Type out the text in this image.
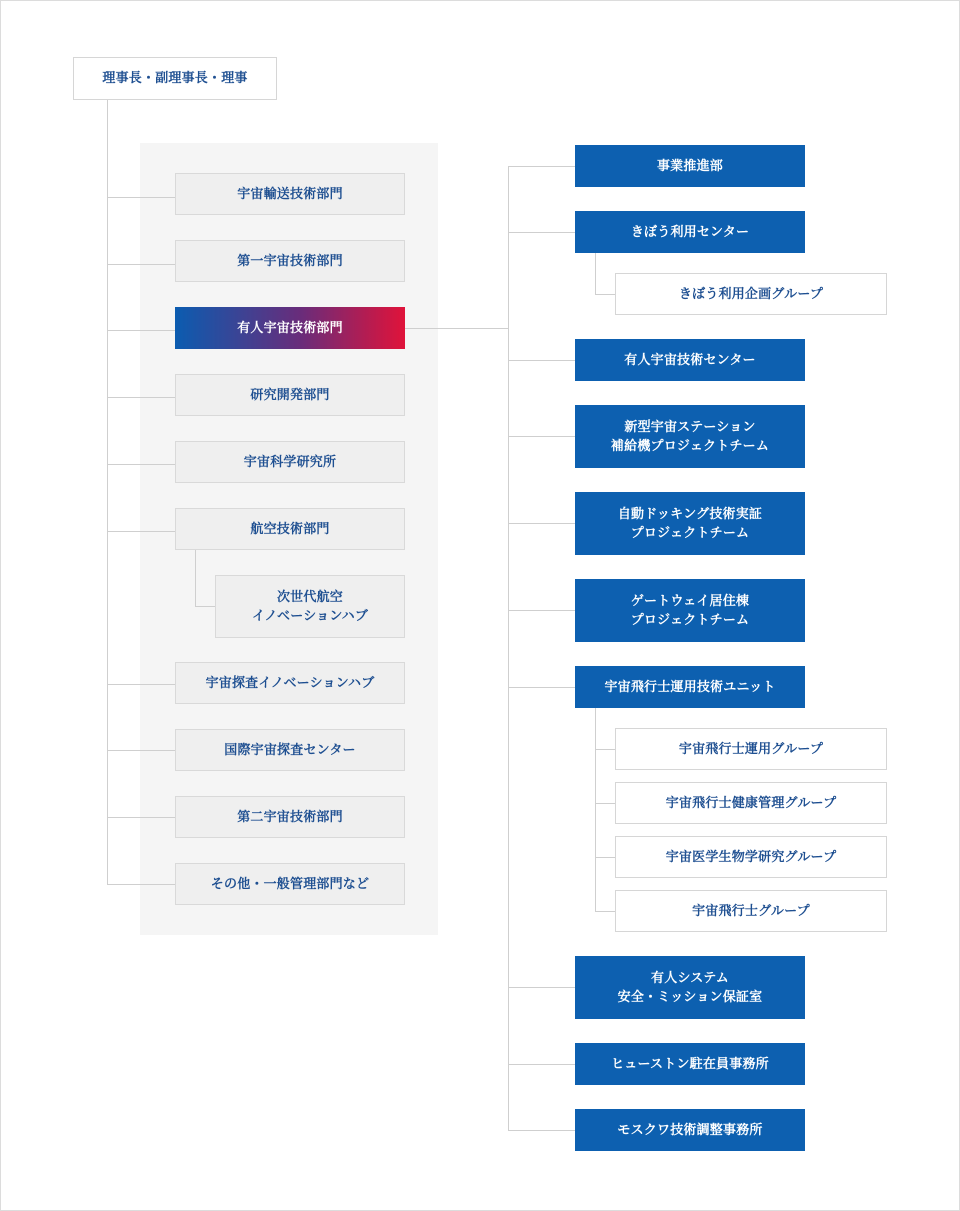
理事長・副理事長・理事
宇宙輸送技術部門
第一宇宙技術部門
有人宇宙技術部門
研究開発部門
宇宙科学研究所
航空技術部門
次世代航空
イノベーションハブ
宇宙探査イノベーションハブ
国際宇宙探査センター
第二宇宙技術部門
その他・一般管理部門など
事業推進部
きぼう利用センター
きぼう利用企画グループ
有人宇宙技術センター
新型宇宙ステーション
補給機プロジェクトチーム
自動ドッキング技術実証
プロジェクトチーム
ゲートウェイ居住棟
プロジェクトチーム
宇宙飛行士運用技術ユニット
宇宙飛行士運用グループ
宇宙飛行士健康管理グループ
宇宙医学生物学研究グループ
宇宙飛行士グループ
有人システム
安全・ミッション保証室
ヒューストン駐在員事務所
モスクワ技術調整事務所
